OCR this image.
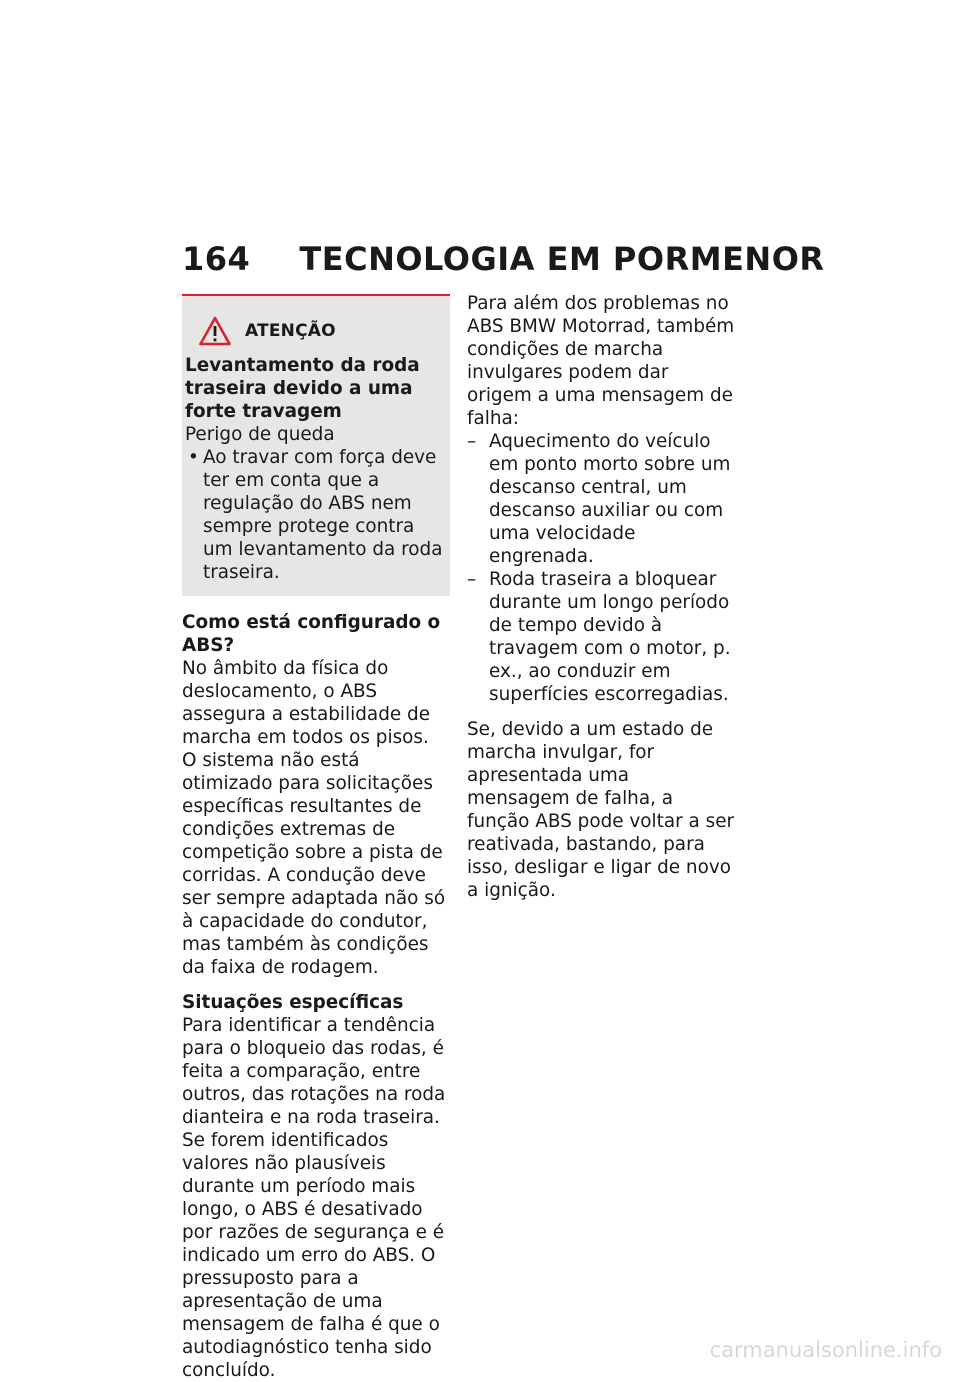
164 TECNOLOGIA EM PORMENOR
ATENÇÃO

Levantamento da roda traseira devido a uma forte travagem

Perigo de queda

• Ao travar com força deve ter em conta que a regulação do ABS nem sempre protege contra um levantamento da roda traseira.

Como está configurado o ABS?

No âmbito da física do deslocamento, o ABS assegura a estabilidade de marcha em todos os pisos. O sistema não está otimizado para solicitações específicas resultantes de condições extremas de competição sobre a pista de corridas. A condução deve ser sempre adaptada não só à capacidade do condutor, mas também às condições da faixa de rodagem.

Situações específicas

Para identificar a tendência para o bloqueio das rodas, é feita a comparação, entre outros, das rotações na roda dianteira e na roda traseira. Se forem identificados valores não plausíveis durante um período mais longo, o ABS é desativado por razões de segurança e é indicado um erro do ABS. O pressuposto para a apresentação de uma mensagem de falha é que o autodiagnóstico tenha sido concluído.

Para além dos problemas no ABS BMW Motorrad, também condições de marcha invulgares podem dar origem a uma mensagem de falha:

– Aquecimento do veículo em ponto morto sobre um descanso central, um descanso auxiliar ou com uma velocidade engrenada.

– Roda traseira a bloquear durante um longo período de tempo devido à travagem com o motor, p. ex., ao conduzir em superfícies escorregadias.

Se, devido a um estado de marcha invulgar, for apresentada uma mensagem de falha, a função ABS pode voltar a ser reativada, bastando, para isso, desligar e ligar de novo a ignição.

carmanualsonline.info
